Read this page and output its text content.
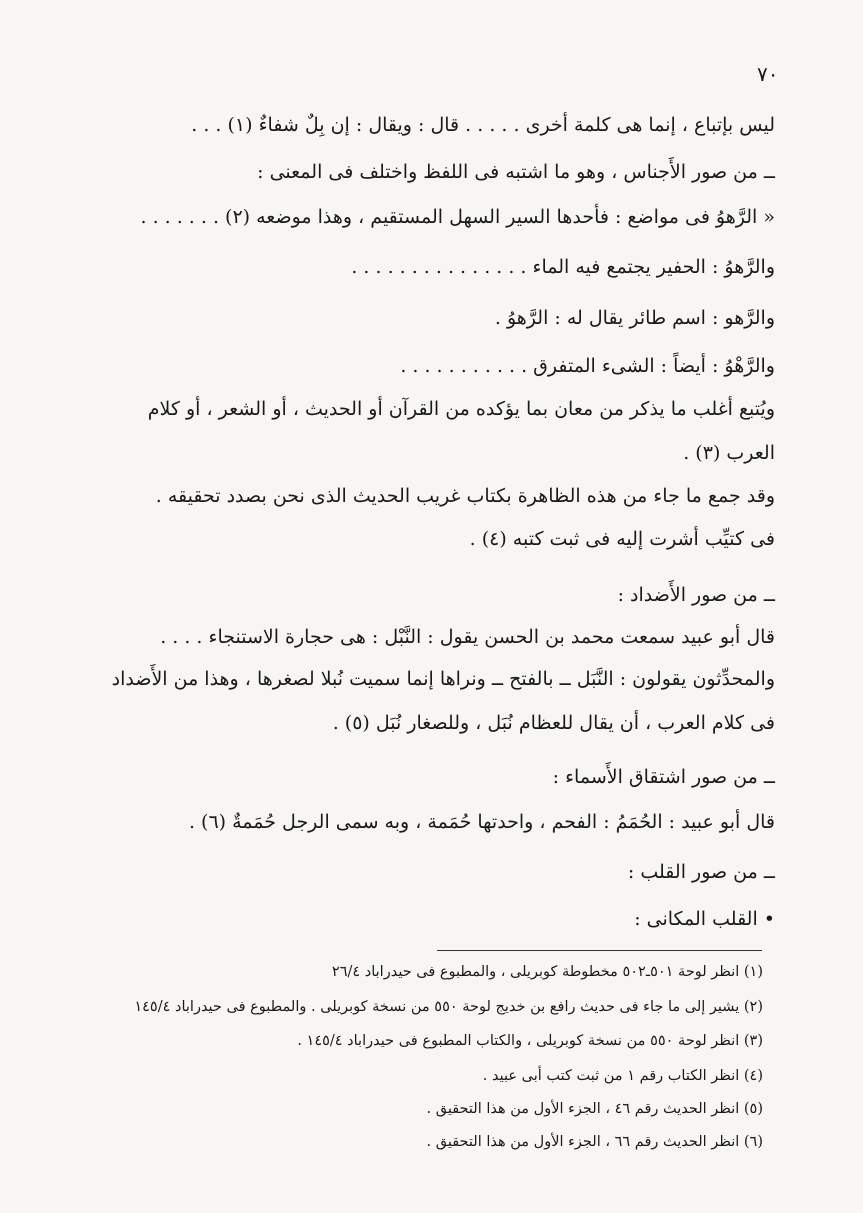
٧٠
ليس بإتباع ، إنما هى كلمة أخرى . . . . . قال : ويقال : إن بِلٌ شفاءٌ (١) . . .
ــ من صور الأَجناس ، وهو ما اشتبه فى اللفظ واختلف فى المعنى :
« الرَّهوُ فى مواضع : فأحدها السير السهل المستقيم ، وهذا موضعه (٢) . . . . . . .
والرَّهوُ : الحفير يجتمع فيه الماء . . . . . . . . . . . . . . .
والرَّهو : اسم طائر يقال له : الرَّهوُ .
والرَّهْوُ : أيضاً : الشىء المتفرق . . . . . . . . . . .
ويُتبع أغلب ما يذكر من معان بما يؤكده من القرآن أو الحديث ، أو الشعر ، أو كلام
العرب (٣) .
وقد جمع ما جاء من هذه الظاهرة بكتاب غريب الحديث الذى نحن بصدد تحقيقه .
فى كتيِّب أشرت إليه فى ثبت كتبه (٤) .
ــ من صور الأَضداد :
قال أبو عبيد سمعت محمد بن الحسن يقول : النَّبْل : هى حجارة الاستنجاء . . . .
والمحدِّثون يقولون : النَّبَل ــ بالفتح ــ ونراها إنما سميت نُبلا لصغرها ، وهذا من الأَضداد
فى كلام العرب ، أن يقال للعظام نُبَل ، وللصغار نُبَل (٥) .
ــ من صور اشتقاق الأَسماء :
قال أبو عبيد : الحُمَمُ : الفحم ، واحدتها حُمَمة ، وبه سمى الرجل حُمَمةٌ (٦) .
ــ من صور القلب :
• القلب المكانى :
(١) انظر لوحة ٥٠١ـ٥٠٢ مخطوطة كوبريلى ، والمطبوع فى حيدراباد ٢٦/٤
(٢) يشير إلى ما جاء فى حديث رافع بن خديج لوحة ٥٥٠ من نسخة كوبريلى . والمطبوع فى حيدراباد ١٤٥/٤
(٣) انظر لوحة ٥٥٠ من نسخة كوبريلى ، والكتاب المطبوع فى حيدراباد ١٤٥/٤ .
(٤) انظر الكتاب رقم ١ من ثبت كتب أبى عبيد .
(٥) انظر الحديث رقم ٤٦ ، الجزء الأول من هذا التحقيق .
(٦) انظر الحديث رقم ٦٦ ، الجزء الأول من هذا التحقيق .
